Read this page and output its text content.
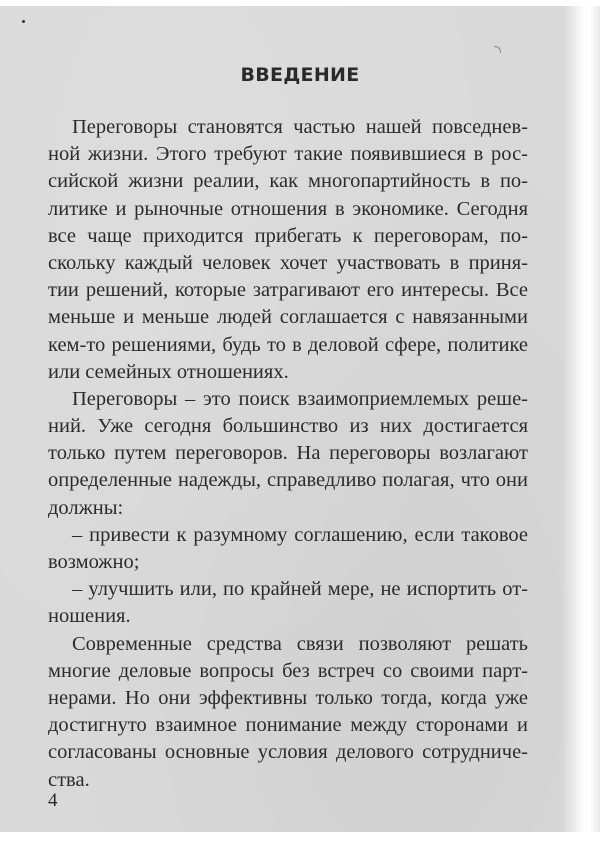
ВВЕДЕНИЕ
Переговоры становятся частью нашей повседнев-
ной жизни. Этого требуют такие появившиеся в рос-
сийской жизни реалии, как многопартийность в по-
литике и рыночные отношения в экономике. Сегодня
все чаще приходится прибегать к переговорам, по-
скольку каждый человек хочет участвовать в приня-
тии решений, которые затрагивают его интересы. Все
меньше и меньше людей соглашается с навязанными
кем-то решениями, будь то в деловой сфере, политике
или семейных отношениях.
Переговоры – это поиск взаимоприемлемых реше-
ний. Уже сегодня большинство из них достигается
только путем переговоров. На переговоры возлагают
определенные надежды, справедливо полагая, что они
должны:
– привести к разумному соглашению, если таковое
возможно;
– улучшить или, по крайней мере, не испортить от-
ношения.
Современные средства связи позволяют решать
многие деловые вопросы без встреч со своими парт-
нерами. Но они эффективны только тогда, когда уже
достигнуто взаимное понимание между сторонами и
согласованы основные условия делового сотрудниче-
ства.
4
